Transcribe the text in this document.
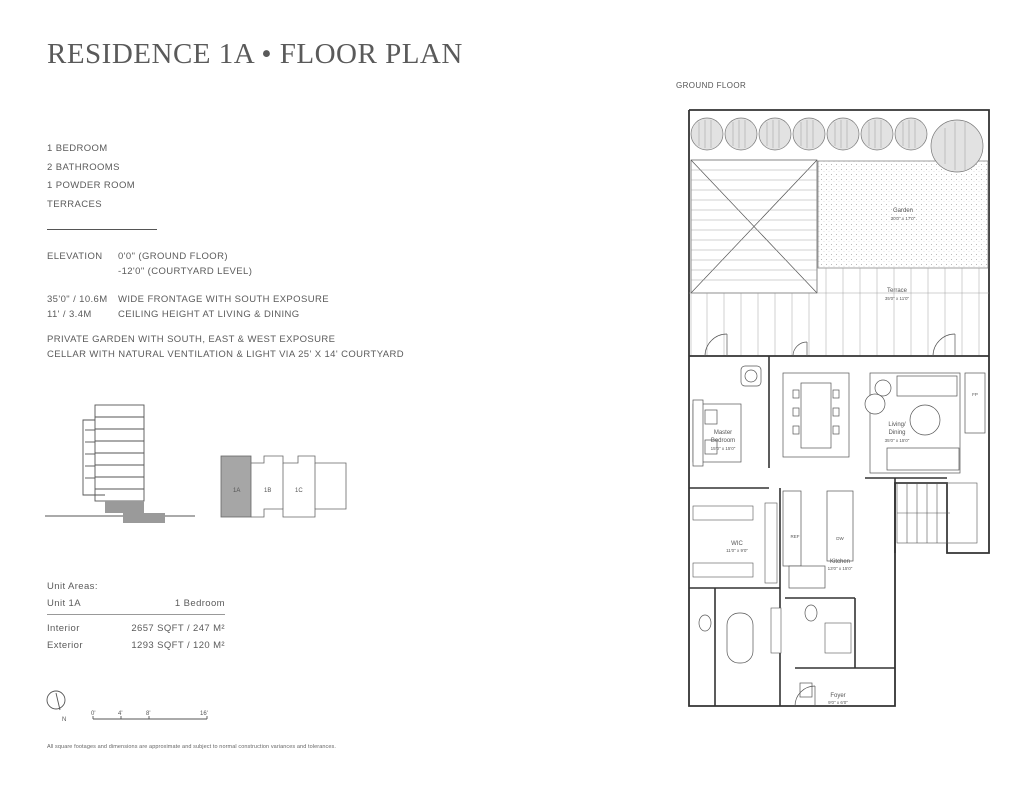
RESIDENCE 1A • FLOOR PLAN
1 BEDROOM
2 BATHROOMS
1 POWDER ROOM
TERRACES
ELEVATION	0'0" (GROUND FLOOR)
-12'0" (COURTYARD LEVEL)
35'0" / 10.6M	WIDE FRONTAGE WITH SOUTH EXPOSURE
11' / 3.4M	CEILING HEIGHT AT LIVING & DINING
PRIVATE GARDEN WITH SOUTH, EAST & WEST EXPOSURE
CELLAR WITH NATURAL VENTILATION & LIGHT VIA 25' X 14' COURTYARD
1A	1B	1C
Unit Areas:
Unit 1A	1 Bedroom
Interior	2657 SQFT / 247 M²
Exterior	1293 SQFT / 120 M²
N
0'	4'	8'	16'
All square footages and dimensions are approximate and subject to normal construction variances and tolerances.
GROUND FLOOR
Garden
30'0" x 17'0"
Terrace
35'0" x 11'0"
Master
Bedroom
15'0" x 15'0"
Living/
Dining
35'0" x 15'0"
WIC
11'0" x 9'0"
Kitchen
13'0" x 15'0"
Foyer
9'0" x 6'0"
DW
REF
FP
